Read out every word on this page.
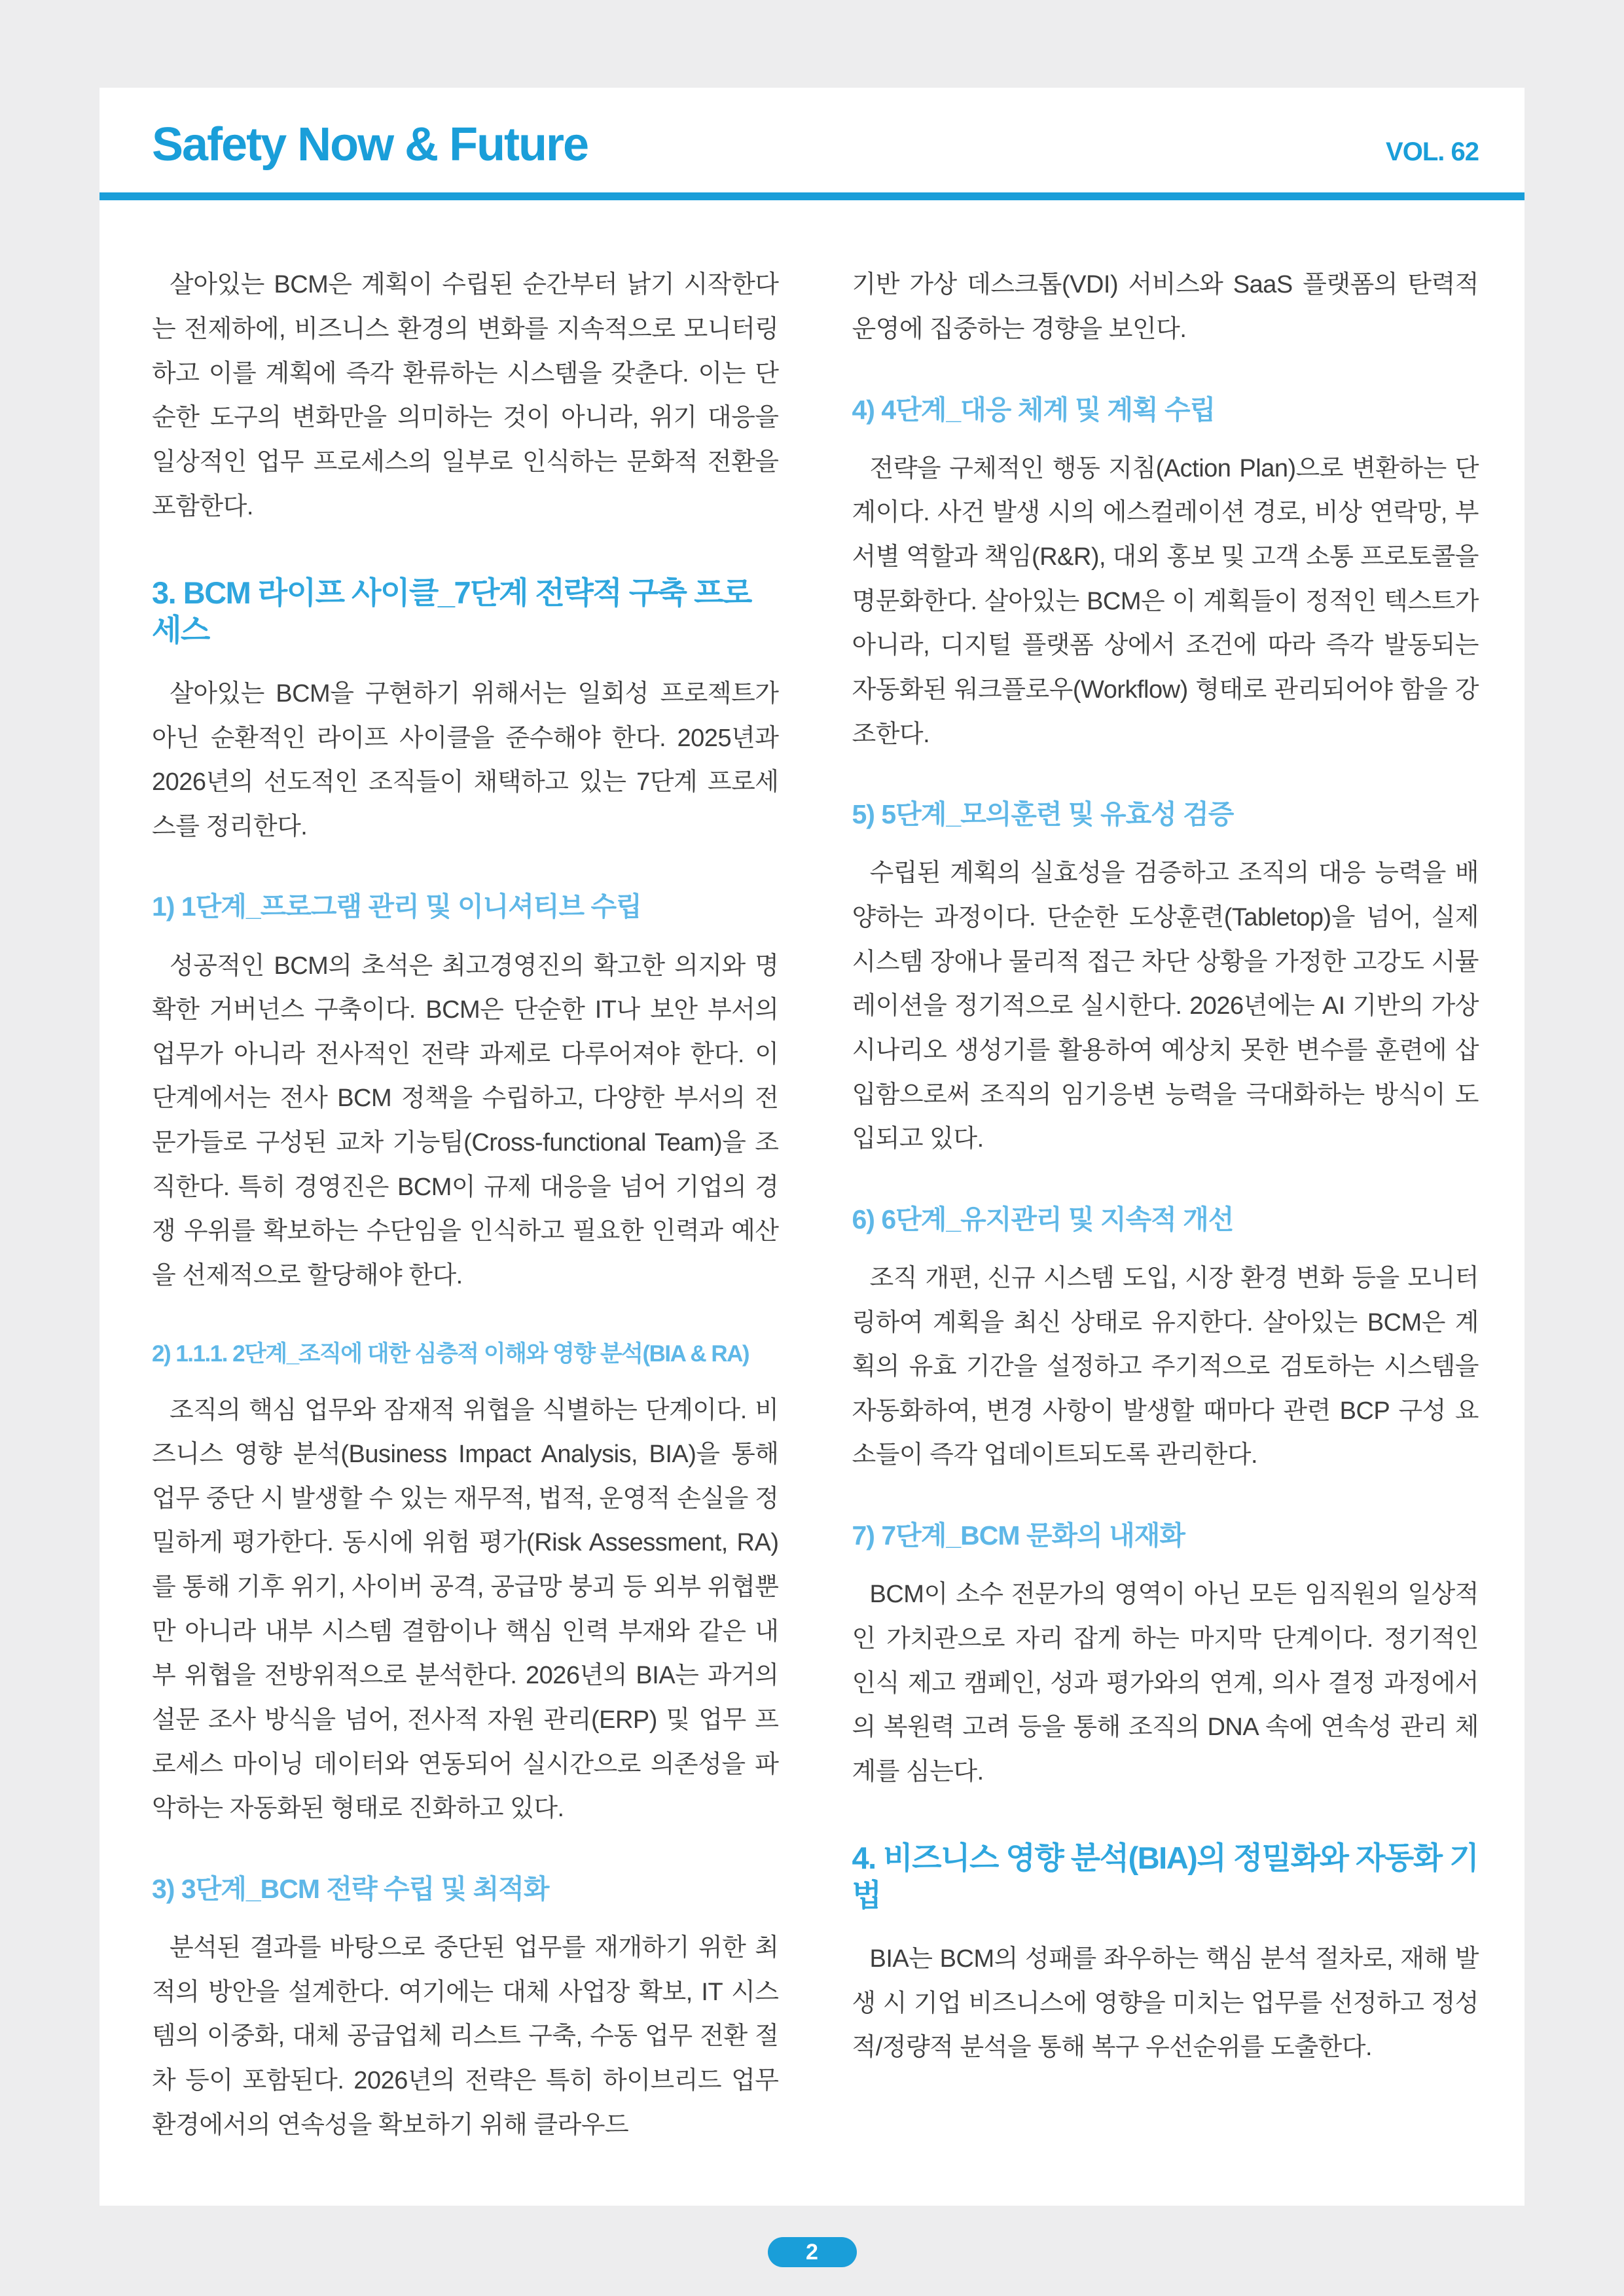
Safety Now & Future	VOL. 62

살아있는 BCM은 계획이 수립된 순간부터 낡기 시작한다는 전제하에, 비즈니스 환경의 변화를 지속적으로 모니터링하고 이를 계획에 즉각 환류하는 시스템을 갖춘다. 이는 단순한 도구의 변화만을 의미하는 것이 아니라, 위기 대응을 일상적인 업무 프로세스의 일부로 인식하는 문화적 전환을 포함한다.

3. BCM 라이프 사이클_7단계 전략적 구축 프로세스

살아있는 BCM을 구현하기 위해서는 일회성 프로젝트가 아닌 순환적인 라이프 사이클을 준수해야 한다. 2025년과 2026년의 선도적인 조직들이 채택하고 있는 7단계 프로세스를 정리한다.

1) 1단계_프로그램 관리 및 이니셔티브 수립

성공적인 BCM의 초석은 최고경영진의 확고한 의지와 명확한 거버넌스 구축이다. BCM은 단순한 IT나 보안 부서의 업무가 아니라 전사적인 전략 과제로 다루어져야 한다. 이 단계에서는 전사 BCM 정책을 수립하고, 다양한 부서의 전문가들로 구성된 교차 기능팀(Cross-functional Team)을 조직한다. 특히 경영진은 BCM이 규제 대응을 넘어 기업의 경쟁 우위를 확보하는 수단임을 인식하고 필요한 인력과 예산을 선제적으로 할당해야 한다.

2) 1.1.1. 2단계_조직에 대한 심층적 이해와 영향 분석(BIA & RA)

조직의 핵심 업무와 잠재적 위협을 식별하는 단계이다. 비즈니스 영향 분석(Business Impact Analysis, BIA)을 통해 업무 중단 시 발생할 수 있는 재무적, 법적, 운영적 손실을 정밀하게 평가한다. 동시에 위험 평가(Risk Assessment, RA)를 통해 기후 위기, 사이버 공격, 공급망 붕괴 등 외부 위협뿐만 아니라 내부 시스템 결함이나 핵심 인력 부재와 같은 내부 위협을 전방위적으로 분석한다. 2026년의 BIA는 과거의 설문 조사 방식을 넘어, 전사적 자원 관리(ERP) 및 업무 프로세스 마이닝 데이터와 연동되어 실시간으로 의존성을 파악하는 자동화된 형태로 진화하고 있다.

3) 3단계_BCM 전략 수립 및 최적화

분석된 결과를 바탕으로 중단된 업무를 재개하기 위한 최적의 방안을 설계한다. 여기에는 대체 사업장 확보, IT 시스템의 이중화, 대체 공급업체 리스트 구축, 수동 업무 전환 절차 등이 포함된다. 2026년의 전략은 특히 하이브리드 업무 환경에서의 연속성을 확보하기 위해 클라우드

기반 가상 데스크톱(VDI) 서비스와 SaaS 플랫폼의 탄력적 운영에 집중하는 경향을 보인다.

4) 4단계_대응 체계 및 계획 수립

전략을 구체적인 행동 지침(Action Plan)으로 변환하는 단계이다. 사건 발생 시의 에스컬레이션 경로, 비상 연락망, 부서별 역할과 책임(R&R), 대외 홍보 및 고객 소통 프로토콜을 명문화한다. 살아있는 BCM은 이 계획들이 정적인 텍스트가 아니라, 디지털 플랫폼 상에서 조건에 따라 즉각 발동되는 자동화된 워크플로우(Workflow) 형태로 관리되어야 함을 강조한다.

5) 5단계_모의훈련 및 유효성 검증

수립된 계획의 실효성을 검증하고 조직의 대응 능력을 배양하는 과정이다. 단순한 도상훈련(Tabletop)을 넘어, 실제 시스템 장애나 물리적 접근 차단 상황을 가정한 고강도 시뮬레이션을 정기적으로 실시한다. 2026년에는 AI 기반의 가상 시나리오 생성기를 활용하여 예상치 못한 변수를 훈련에 삽입함으로써 조직의 임기응변 능력을 극대화하는 방식이 도입되고 있다.

6) 6단계_유지관리 및 지속적 개선

조직 개편, 신규 시스템 도입, 시장 환경 변화 등을 모니터링하여 계획을 최신 상태로 유지한다. 살아있는 BCM은 계획의 유효 기간을 설정하고 주기적으로 검토하는 시스템을 자동화하여, 변경 사항이 발생할 때마다 관련 BCP 구성 요소들이 즉각 업데이트되도록 관리한다.

7) 7단계_BCM 문화의 내재화

BCM이 소수 전문가의 영역이 아닌 모든 임직원의 일상적인 가치관으로 자리 잡게 하는 마지막 단계이다. 정기적인 인식 제고 캠페인, 성과 평가와의 연계, 의사 결정 과정에서의 복원력 고려 등을 통해 조직의 DNA 속에 연속성 관리 체계를 심는다.

4. 비즈니스 영향 분석(BIA)의 정밀화와 자동화 기법

BIA는 BCM의 성패를 좌우하는 핵심 분석 절차로, 재해 발생 시 기업 비즈니스에 영향을 미치는 업무를 선정하고 정성적/정량적 분석을 통해 복구 우선순위를 도출한다.

2
